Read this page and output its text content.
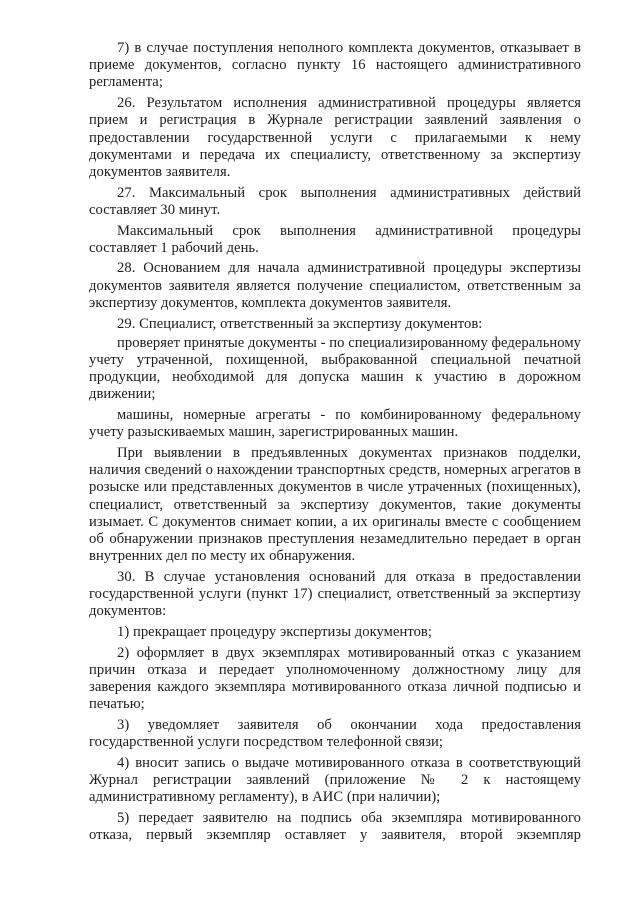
7) в случае поступления неполного комплекта документов, отказывает в приеме документов, согласно пункту 16 настоящего административного регламента;

26. Результатом исполнения административной процедуры является прием и регистрация в Журнале регистрации заявлений заявления о предоставлении государственной услуги с прилагаемыми к нему документами и передача их специалисту, ответственному за экспертизу документов заявителя.

27. Максимальный срок выполнения административных действий составляет 30 минут.

Максимальный срок выполнения административной процедуры составляет 1 рабочий день.

28. Основанием для начала административной процедуры экспертизы документов заявителя является получение специалистом, ответственным за экспертизу документов, комплекта документов заявителя.

29. Специалист, ответственный за экспертизу документов:

проверяет принятые документы - по специализированному федеральному учету утраченной, похищенной, выбракованной специальной печатной продукции, необходимой для допуска машин к участию в дорожном движении;

машины, номерные агрегаты - по комбинированному федеральному учету разыскиваемых машин, зарегистрированных машин.

При выявлении в предъявленных документах признаков подделки, наличия сведений о нахождении транспортных средств, номерных агрегатов в розыске или представленных документов в числе утраченных (похищенных), специалист, ответственный за экспертизу документов, такие документы изымает. С документов снимает копии, а их оригиналы вместе с сообщением об обнаружении признаков преступления незамедлительно передает в орган внутренних дел по месту их обнаружения.

30. В случае установления оснований для отказа в предоставлении государственной услуги (пункт 17) специалист, ответственный за экспертизу документов:

1) прекращает процедуру экспертизы документов;

2) оформляет в двух экземплярах мотивированный отказ с указанием причин отказа и передает уполномоченному должностному лицу для заверения каждого экземпляра мотивированного отказа личной подписью и печатью;

3) уведомляет заявителя об окончании хода предоставления государственной услуги посредством телефонной связи;

4) вносит запись о выдаче мотивированного отказа в соответствующий Журнал регистрации заявлений (приложение № 2 к настоящему административному регламенту), в АИС (при наличии);

5) передает заявителю на подпись оба экземпляра мотивированного отказа, первый экземпляр оставляет у заявителя, второй экземпляр
